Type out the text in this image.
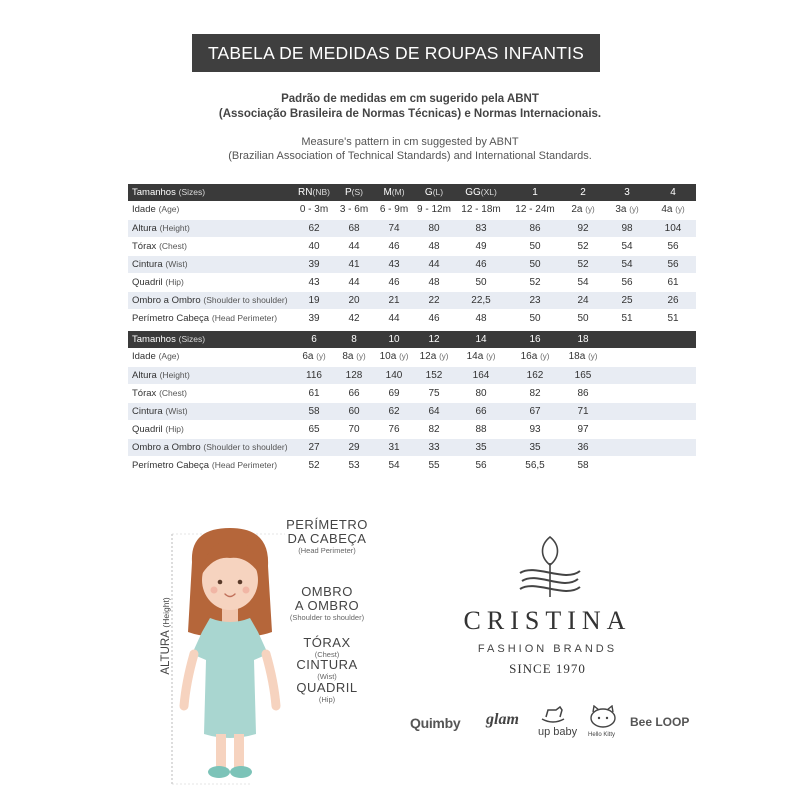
TABELA DE MEDIDAS DE ROUPAS INFANTIS
Padrão de medidas em cm sugerido pela ABNT
(Associação Brasileira de Normas Técnicas) e Normas Internacionais.
Measure's pattern in cm suggested by ABNT
(Brazilian Association of Technical Standards) and International Standards.
Tamanhos (Sizes)	RN(NB)	P(S)	M(M)	G(L)	GG(XL)	1	2	3	4
Idade (Age)	0 - 3m	3 - 6m	6 - 9m	9 - 12m	12 - 18m	12 - 24m	2a (y)	3a (y)	4a (y)
Altura (Height)	62	68	74	80	83	86	92	98	104
Tórax (Chest)	40	44	46	48	49	50	52	54	56
Cintura (Wist)	39	41	43	44	46	50	52	54	56
Quadril (Hip)	43	44	46	48	50	52	54	56	61
Ombro a Ombro (Shoulder to shoulder)	19	20	21	22	22,5	23	24	25	26
Perímetro Cabeça (Head Perimeter)	39	42	44	46	48	50	50	51	51
Tamanhos (Sizes)	6	8	10	12	14	16	18		
Idade (Age)	6a (y)	8a (y)	10a (y)	12a (y)	14a (y)	16a (y)	18a (y)		
Altura (Height)	116	128	140	152	164	162	165		
Tórax (Chest)	61	66	69	75	80	82	86		
Cintura (Wist)	58	60	62	64	66	67	71		
Quadril (Hip)	65	70	76	82	88	93	97		
Ombro a Ombro (Shoulder to shoulder)	27	29	31	33	35	35	36		
Perímetro Cabeça (Head Perimeter)	52	53	54	55	56	56,5	58		
ALTURA (Height)
PERÍMETRO
DA CABEÇA
(Head Perimeter)
OMBRO
A OMBRO
(Shoulder to shoulder)
TÓRAX
(Chest)
CINTURA
(Wist)
QUADRIL
(Hip)
CRISTINA
FASHION BRANDS
SINCE 1970
Quimby glam
up baby Hello Kitty
Bee LOOP
